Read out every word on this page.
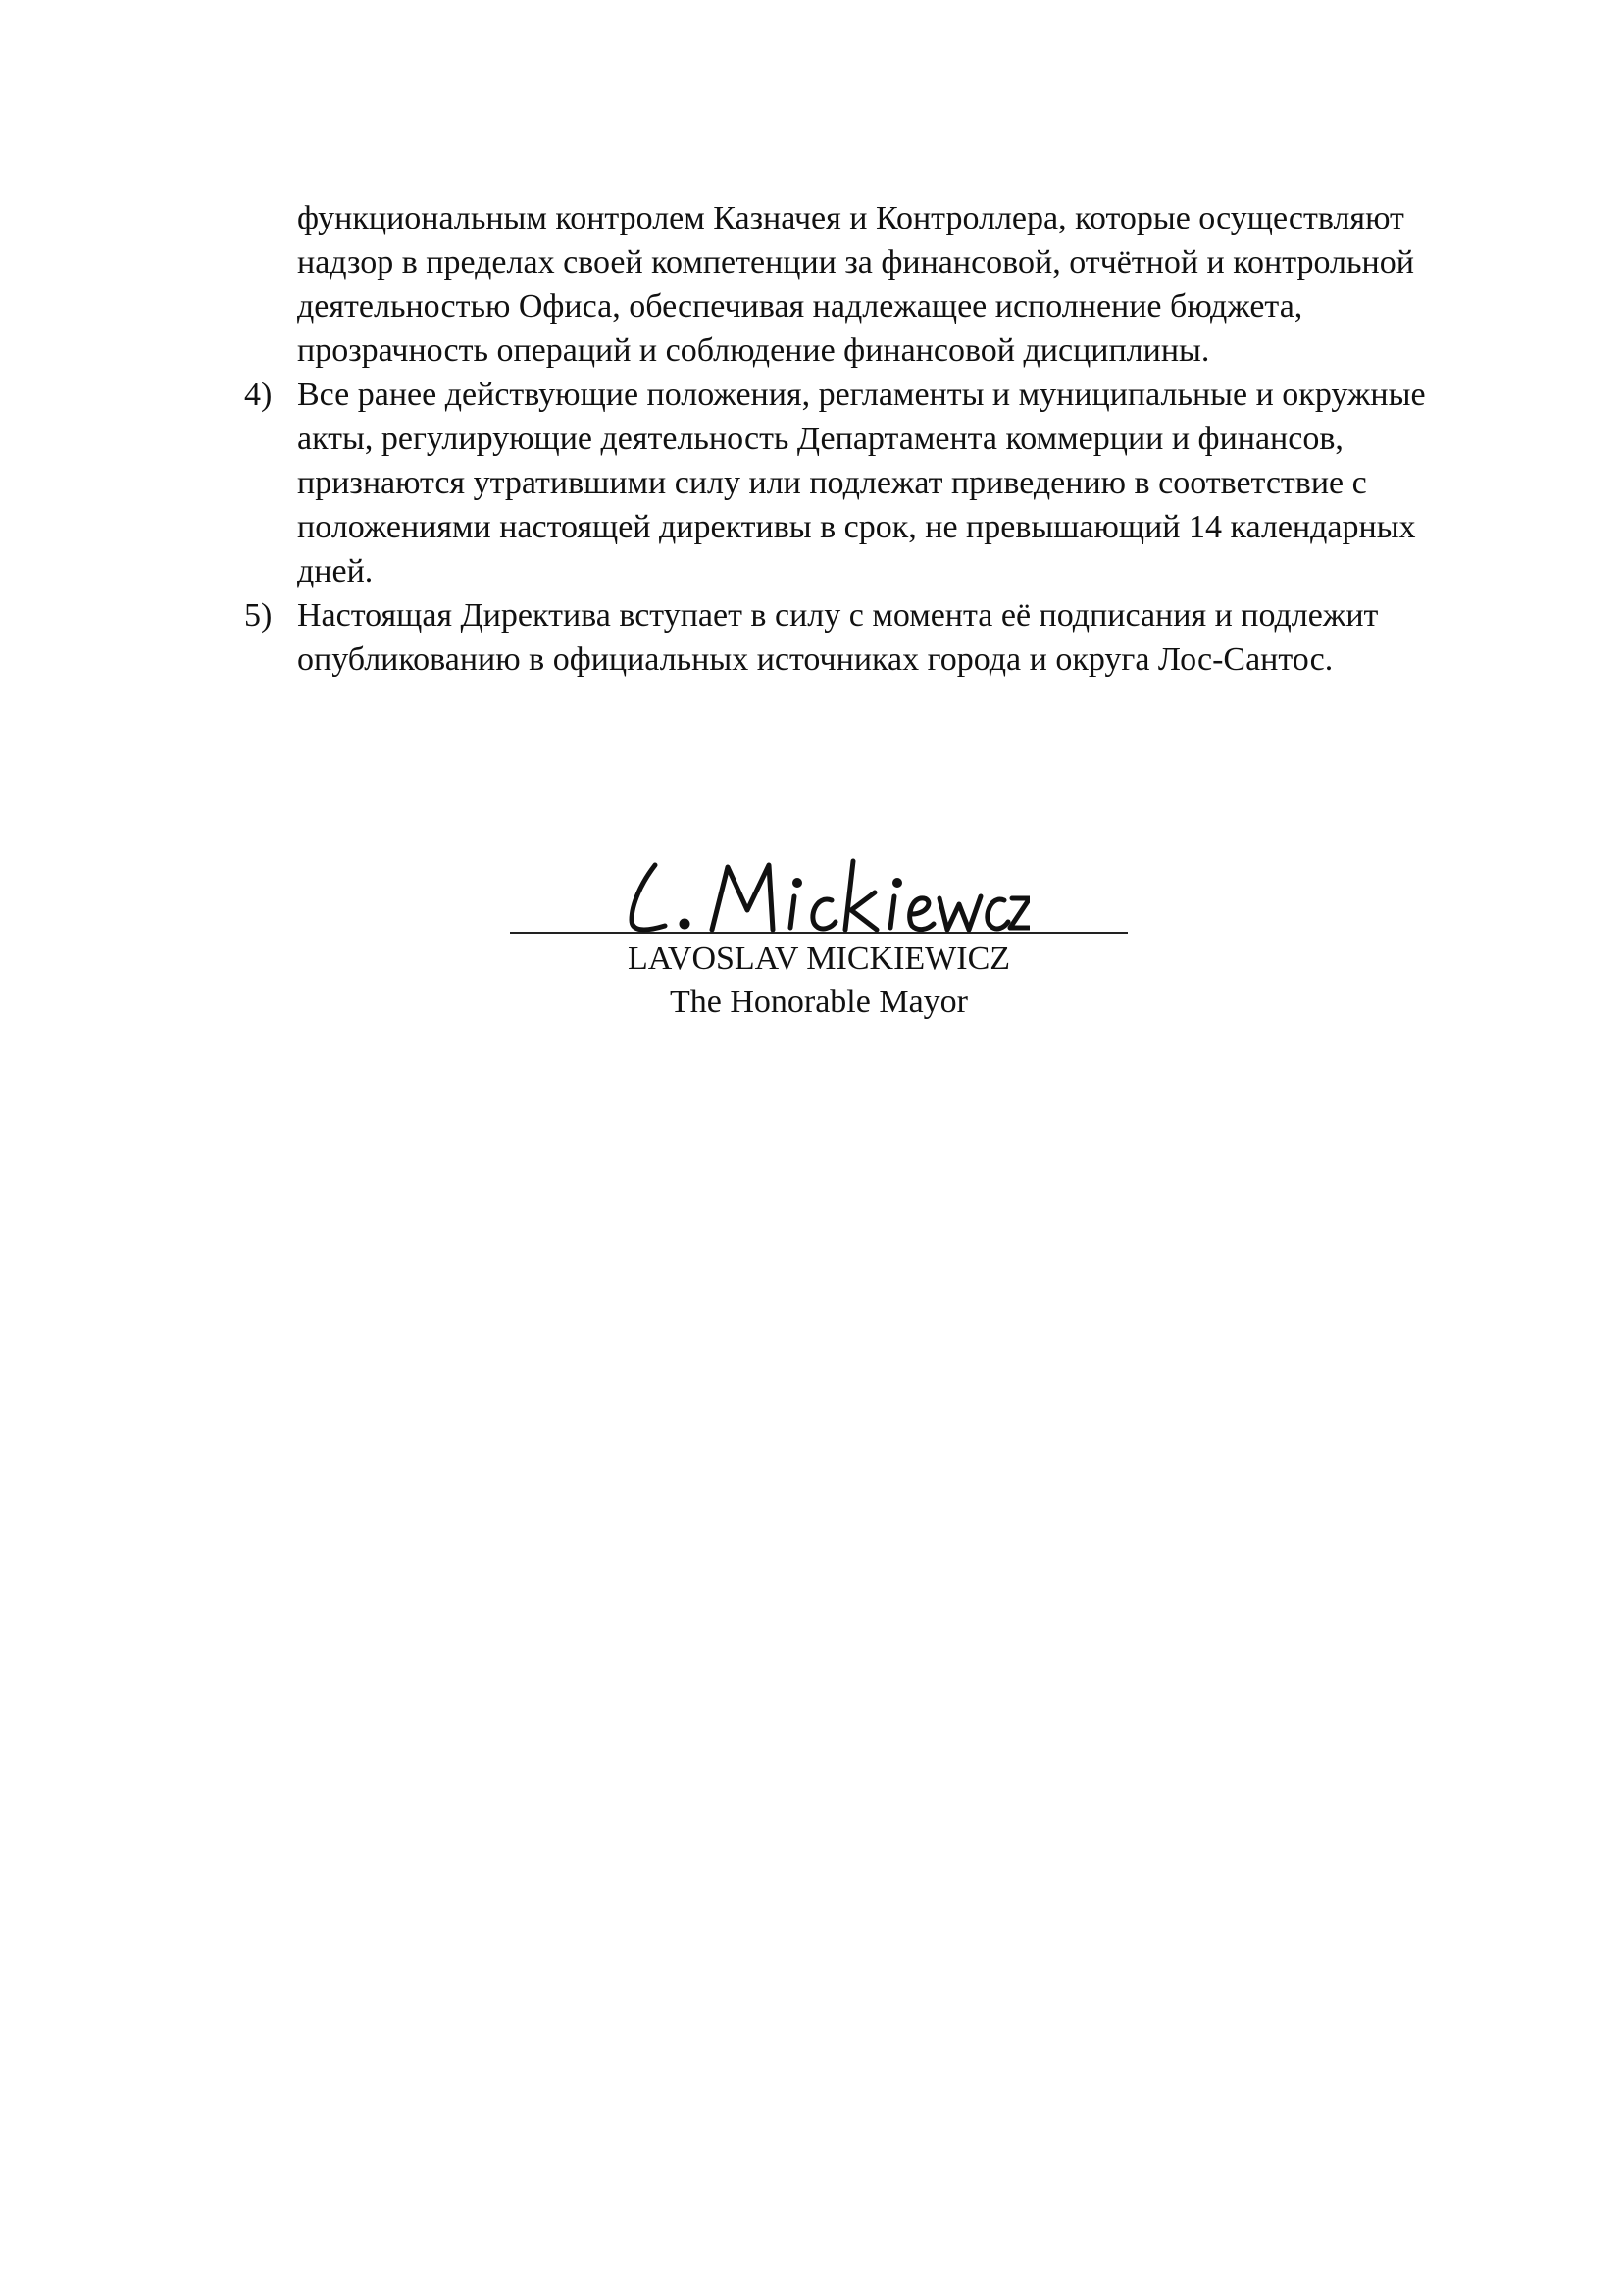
функциональным контролем Казначея и Контроллера, которые осуществляют надзор в пределах своей компетенции за финансовой, отчётной и контрольной деятельностью Офиса, обеспечивая надлежащее исполнение бюджета, прозрачность операций и соблюдение финансовой дисциплины.

4) Все ранее действующие положения, регламенты и муниципальные и окружные акты, регулирующие деятельность Департамента коммерции и финансов, признаются утратившими силу или подлежат приведению в соответствие с положениями настоящей директивы в срок, не превышающий 14 календарных дней.
5) Настоящая Директива вступает в силу с момента её подписания и подлежит опубликованию в официальных источниках города и округа Лос-Сантос.
LAVOSLAV MICKIEWICZ
The Honorable Mayor
